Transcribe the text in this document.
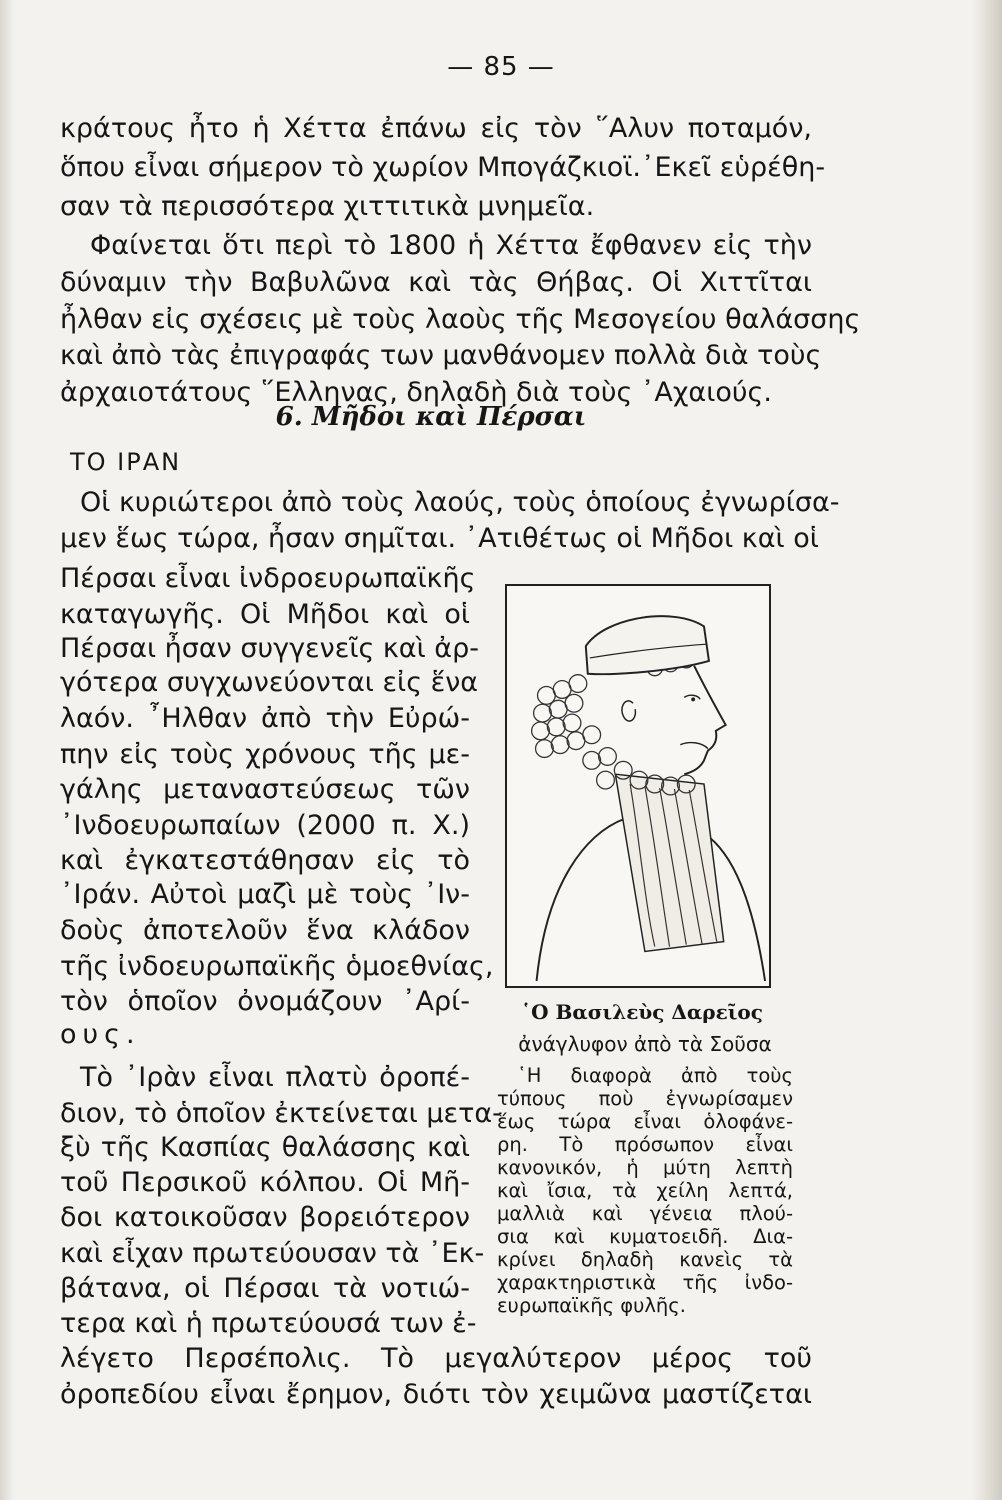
— 85 —
κράτους ἦτο ἡ Χέττα ἐπάνω εἰς τὸν ῞Αλυν ποταμόν,
ὅπου εἶναι σήμερον τὸ χωρίον Μπογάζκιοϊ.᾿Εκεῖ εὑρέθη-
σαν τὰ περισσότερα χιττιτικὰ μνημεῖα.
Φαίνεται ὅτι περὶ τὸ 1800 ἡ Χέττα ἔφθανεν εἰς τὴν
δύναμιν τὴν Βαβυλῶνα καὶ τὰς Θήβας. Οἱ Χιττῖται
ἦλθαν εἰς σχέσεις μὲ τοὺς λαοὺς τῆς Μεσογείου θαλάσσης
καὶ ἀπὸ τὰς ἐπιγραφάς των μανθάνομεν πολλὰ διὰ τοὺς
ἀρχαιοτάτους ῞Ελληνας, δηλαδὴ διὰ τοὺς ᾿Αχαιούς.
6. Μῆδοι καὶ Πέρσαι
ΤΟ ΙΡΑΝ
Οἱ κυριώτεροι ἀπὸ τοὺς λαούς, τοὺς ὁποίους ἐγνωρίσα-
μεν ἕως τώρα, ἦσαν σημῖται. ᾿Ατιθέτως οἱ Μῆδοι καὶ οἱ
Πέρσαι εἶναι ἰνδροευρωπαϊκῆς
καταγωγῆς. Οἱ Μῆδοι καὶ οἱ
Πέρσαι ἦσαν συγγενεῖς καὶ ἀρ-
γότερα συγχωνεύονται εἰς ἕνα
λαόν. ῏Ηλθαν ἀπὸ τὴν Εὐρώ-
πην εἰς τοὺς χρόνους τῆς με-
γάλης μεταναστεύσεως τῶν
᾿Ινδοευρωπαίων (2000 π. Χ.)
καὶ ἐγκατεστάθησαν εἰς τὸ
᾿Ιράν. Αὐτοὶ μαζὶ μὲ τοὺς ᾿Ιν-
δοὺς ἀποτελοῦν ἕνα κλάδον
τῆς ἰνδοευρωπαϊκῆς ὁμοεθνίας,
τὸν ὁποῖον ὀνομάζουν ᾿Αρί-
ους.
Τὸ ᾿Ιρὰν εἶναι πλατὺ ὀροπέ-
διον, τὸ ὁποῖον ἐκτείνεται μετα-
ξὺ τῆς Κασπίας θαλάσσης καὶ
τοῦ Περσικοῦ κόλπου. Οἱ Μῆ-
δοι κατοικοῦσαν βορειότερον
καὶ εἶχαν πρωτεύουσαν τὰ ᾿Εκ-
βάτανα, οἱ Πέρσαι τὰ νοτιώ-
τερα καὶ ἡ πρωτεύουσά των ἐ-
λέγετο Περσέπολις. Τὸ μεγαλύτερον μέρος τοῦ
ὀροπεδίου εἶναι ἔρημον, διότι τὸν χειμῶνα μαστίζεται
῾Ο Βασιλεὺς Δαρεῖος
ἀνάγλυφον ἀπὸ τὰ Σοῦσα
῾Η διαφορὰ ἀπὸ τοὺς
τύπους ποὺ ἐγνωρίσαμεν
ἕως τώρα εἶναι ὁλοφάνε-
ρη. Τὸ πρόσωπον εἶναι
κανονικόν, ἡ μύτη λεπτὴ
καὶ ἴσια, τὰ χείλη λεπτά,
μαλλιὰ καὶ γένεια πλού-
σια καὶ κυματοειδῆ. Δια-
κρίνει δηλαδὴ κανεὶς τὰ
χαρακτηριστικὰ τῆς ἰνδο-
ευρωπαϊκῆς φυλῆς.
